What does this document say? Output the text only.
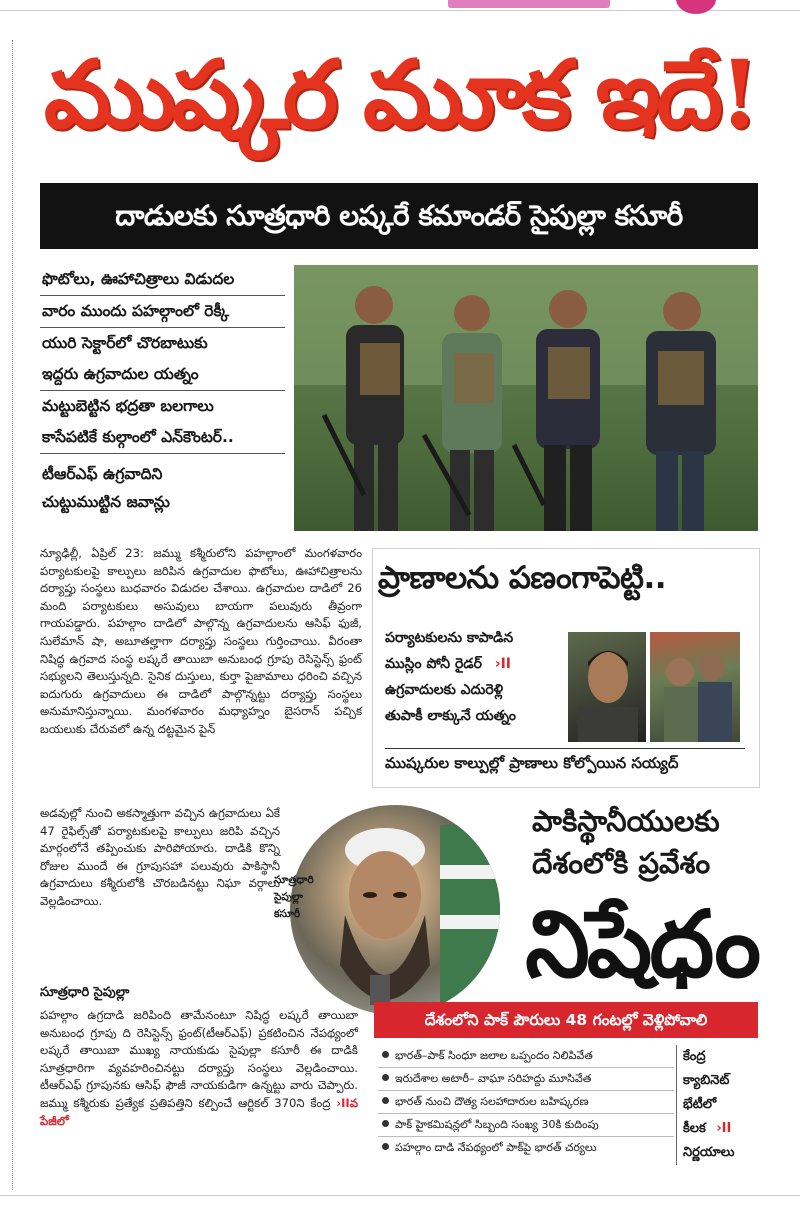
ముష్కర మూక ఇదే!
దాడులకు సూత్రధారి లష్కరే కమాండర్‌ సైపుల్లా కసూరీ
ఫొటోలు, ఊహాచిత్రాలు విడుదల
వారం ముందు పహల్గాంలో రెక్కీ
యురి సెక్టార్‌లో చొరబాటుకు
ఇద్దరు ఉగ్రవాదుల యత్నం
మట్టుబెట్టిన భద్రతా బలగాలు
కాసేపటికే కుల్గాంలో ఎన్‌కౌంటర్‌..
టీఆర్‌ఎఫ్‌ ఉగ్రవాదిని
చుట్టుముట్టిన జవాన్లు
న్యూఢిల్లీ, ఏప్రిల్‌ 23: జమ్ము కశ్మీరులోని పహల్గాంలో మంగళవారం పర్యాటకులపై కాల్పులు జరిపిన ఉగ్రవాదుల ఫొటోలు, ఊహాచిత్రాలను దర్యాప్తు సంస్థలు బుధవారం విడుదల చేశాయి. ఉగ్రవాదుల దాడిలో 26 మంది పర్యాటకులు అసువులు బాయగా పలువురు తీవ్రంగా గాయపడ్డారు. పహల్గాం దాడిలో పాల్గొన్న ఉగ్రవాదులను ఆసిఫ్‌ ఫుజీ, సులేమాన్‌ షా, అబూతల్హాగా దర్యాప్తు సంస్థలు గుర్తించాయి. వీరంతా నిషిద్ధ ఉగ్రవాద సంస్థ లష్కరే తాయిబా అనుబంధ గ్రూపు రెసిస్టెన్స్‌ ఫ్రంట్‌ సభ్యులని తెలుస్తున్నది. సైనిక దుస్తులు, కుర్తా పైజామాలు ధరించి వచ్చిన ఐదుగురు ఉగ్రవాదులు ఈ దాడిలో పాల్గొన్నట్టు దర్యాప్తు సంస్థలు అనుమానిస్తున్నాయి. మంగళవారం మధ్యాహ్నం బైసరాన్‌ పచ్చిక బయలుకు చేరువలో ఉన్న దట్టమైన పైన్‌
అడవుల్లో నుంచి అకస్మాత్తుగా వచ్చిన ఉగ్రవాదులు ఏకే 47 రైఫిల్స్‌తో పర్యాటకులపై కాల్పులు జరిపి వచ్చిన మార్గంలోనే తప్పించుకు పారిపోయారు. దాడికి కొన్ని రోజుల ముందే ఈ గ్రూపుసహా పలువురు పాకిస్థానీ ఉగ్రవాదులు కశ్మీరులోకి చొరబడినట్టు నిఘా వర్గాలు వెల్లడించాయి.
సూత్రధారి
సైపుల్లా
కసూరీ
సూత్రధారి సైపుల్లా
పహల్గాం ఉగ్రదాడి జరిపింది తామేనంటూ నిషిద్ధ లష్కరే తాయిబా అనుబంధ గ్రూపు ది రెసిస్టెన్స్‌ ఫ్రంట్‌(టీఆర్‌ఎఫ్‌) ప్రకటించిన నేపథ్యంలో లష్కరే తాయిబా ముఖ్య నాయకుడు సైపుల్లా కసూరీ ఈ దాడికి సూత్రధారిగా వ్యవహరించినట్టు దర్యాప్తు సంస్థలు వెల్లడించాయి. టీఆర్‌ఎఫ్‌ గ్రూపునకు ఆసిఫ్‌ ఫౌజీ నాయకుడిగా ఉన్నట్టు వారు చెప్పారు. జమ్ము కశ్మీరుకు ప్రత్యేక ప్రతిపత్తిని కల్పించే ఆర్టికల్‌ 370ని కేంద్ర ›IIవ పేజీలో
ప్రాణాలను పణంగాపెట్టి..
పర్యాటకులను కాపాడిన
ముస్లిం పోనీ రైడర్‌ ›II
ఉగ్రవాదులకు ఎదురెళ్లి
తుపాకీ లాక్కునే యత్నం
ముష్కరుల కాల్పుల్లో ప్రాణాలు కోల్పోయిన సయ్యద్‌
పాకిస్థానీయులకు
దేశంలోకి ప్రవేశం
నిషేధం
దేశంలోని పాక్‌ పౌరులు 48 గంటల్లో వెళ్లిపోవాలి
భారత్‌–పాక్‌ సింధూ జలాల ఒప్పందం నిలిపివేత
ఇరుదేశాల అటారీ– వాఘా సరిహద్దు మూసివేత
భారత్‌ నుంచి దౌత్య సలహాదారుల బహిష్కరణ
పాక్‌ హైకమిషన్లలో సిబ్బంది సంఖ్య 30కి కుదింపు
పహల్గాం దాడి నేపథ్యంలో పాక్‌పై భారత్‌ చర్యలు
కేంద్ర
క్యాబినెట్‌
భేటీలో
కీలక ›II
నిర్ణయాలు
